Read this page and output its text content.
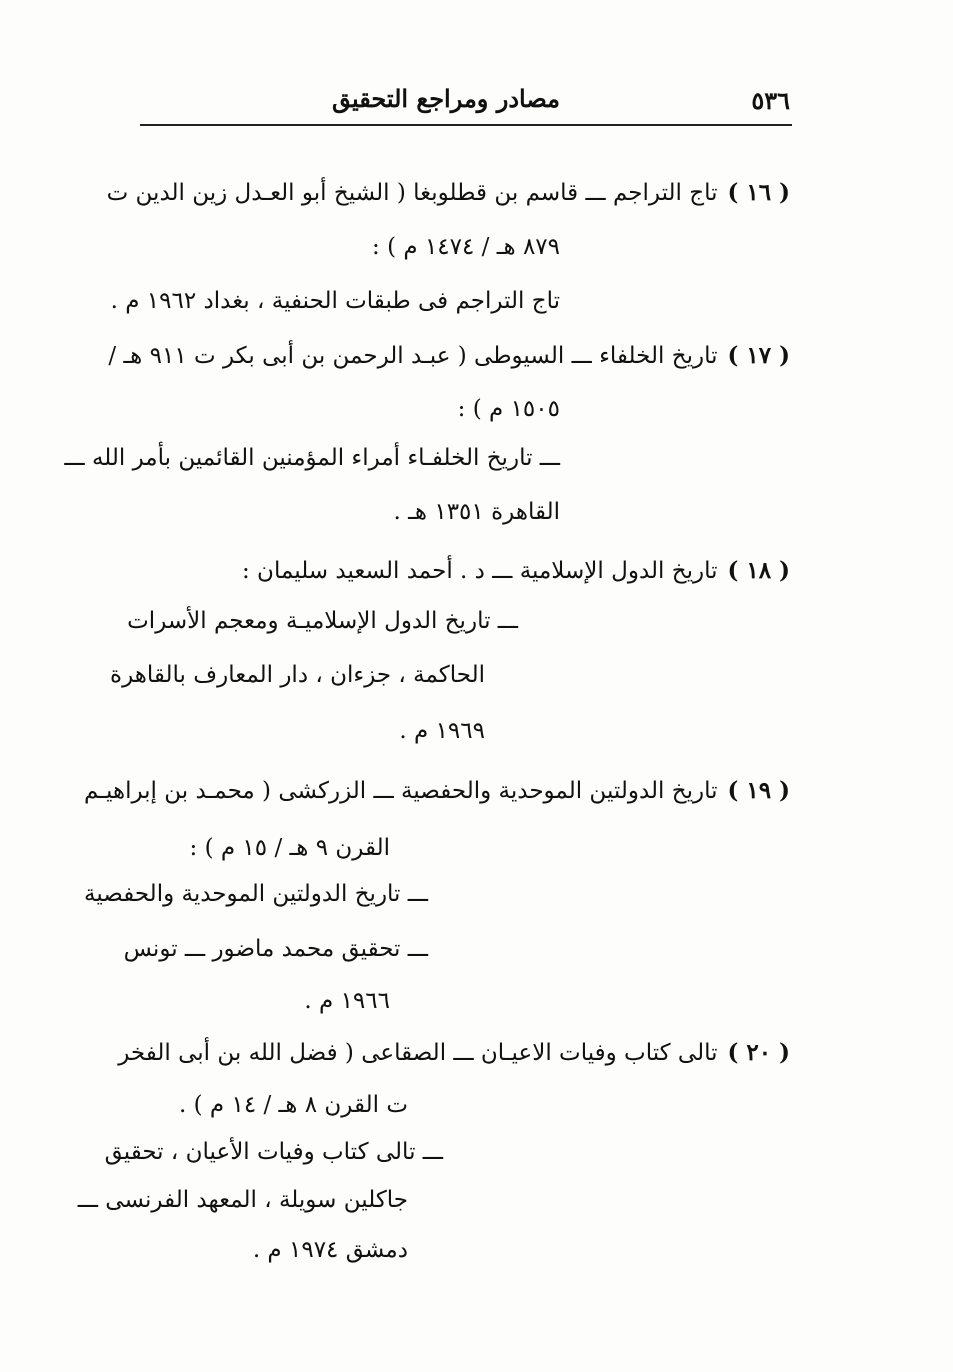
٥٣٦
مصادر ومراجع التحقيق
( ١٦ )تاج التراجم ـــ قاسم بن قطلوبغا ( الشيخ أبو العـدل زين الدين ت
٨٧٩ هـ / ١٤٧٤ م ) :
تاج التراجم فى طبقات الحنفية ، بغداد ١٩٦٢ م .
( ١٧ )تاريخ الخلفاء ـــ السيوطى ( عبـد الرحمن بن أبى بكر ت ٩١١ هـ /
١٥٠٥ م ) :
ـــ تاريخ الخلفـاء أمراء المؤمنين القائمين بأمر الله ـــ
القاهرة ١٣٥١ هـ .
( ١٨ )تاريخ الدول الإسلامية ـــ د . أحمد السعيد سليمان :
ـــ تاريخ الدول الإسلاميـة ومعجم الأسرات
الحاكمة ، جزءان ، دار المعارف بالقاهرة
١٩٦٩ م .
( ١٩ )تاريخ الدولتين الموحدية والحفصية ـــ الزركشى ( محمـد بن إبراهيـم
القرن ٩ هـ / ١٥ م ) :
ـــ تاريخ الدولتين الموحدية والحفصية
ـــ تحقيق محمد ماضور ـــ تونس
١٩٦٦ م .
( ٢٠ )تالى كتاب وفيات الاعيـان ـــ الصقاعى ( فضل الله بن أبى الفخر
ت القرن ٨ هـ / ١٤ م ) .
ـــ تالى كتاب وفيات الأعيان ، تحقيق
جاكلين سويلة ، المعهد الفرنسى ـــ
دمشق ١٩٧٤ م .
